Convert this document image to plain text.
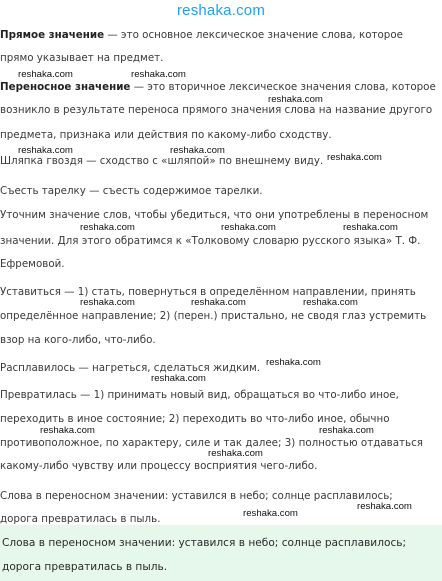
reshaka.com
Прямое значение — это основное лексическое значение слова, которое
прямо указывает на предмет.
reshaka.com	reshaka.com
Переносное значение — это вторичное лексическое значения слова, которое
reshaka.com
возникло в результате переноса прямого значения слова на название другого
предмета, признака или действия по какому-либо сходству.
reshaka.com	reshaka.com
Шляпка гвоздя — сходство с «шляпой» по внешнему виду. reshaka.com
Съесть тарелку — съесть содержимое тарелки.
Уточним значение слов, чтобы убедиться, что они употреблены в переносном
reshaka.com	reshaka.com	reshaka.com
значении. Для этого обратимся к «Толковому словарю русского языка» Т. Ф.
Ефремовой.
Уставиться — 1) стать, повернуться в определённом направлении, принять
reshaka.com	reshaka.com	reshaka.com
определённое направление; 2) (перен.) пристально, не сводя глаз устремить
взор на кого-либо, что-либо.
Расплавилось — нагреться, сделаться жидким. reshaka.com
reshaka.com
Превратилась — 1) принимать новый вид, обращаться во что-либо иное,
переходить в иное состояние; 2) переходить во что-либо иное, обычно
reshaka.com	reshaka.com
противоположное, по характеру, силе и так далее; 3) полностью отдаваться
reshaka.com
какому-либо чувству или процессу восприятия чего-либо.
Слова в переносном значении: уставился в небо; солнце расплавилось;
reshaka.com
дорога превратилась в пыль.	reshaka.com
Слова в переносном значении: уставился в небо; солнце расплавилось;
дорога превратилась в пыль.
